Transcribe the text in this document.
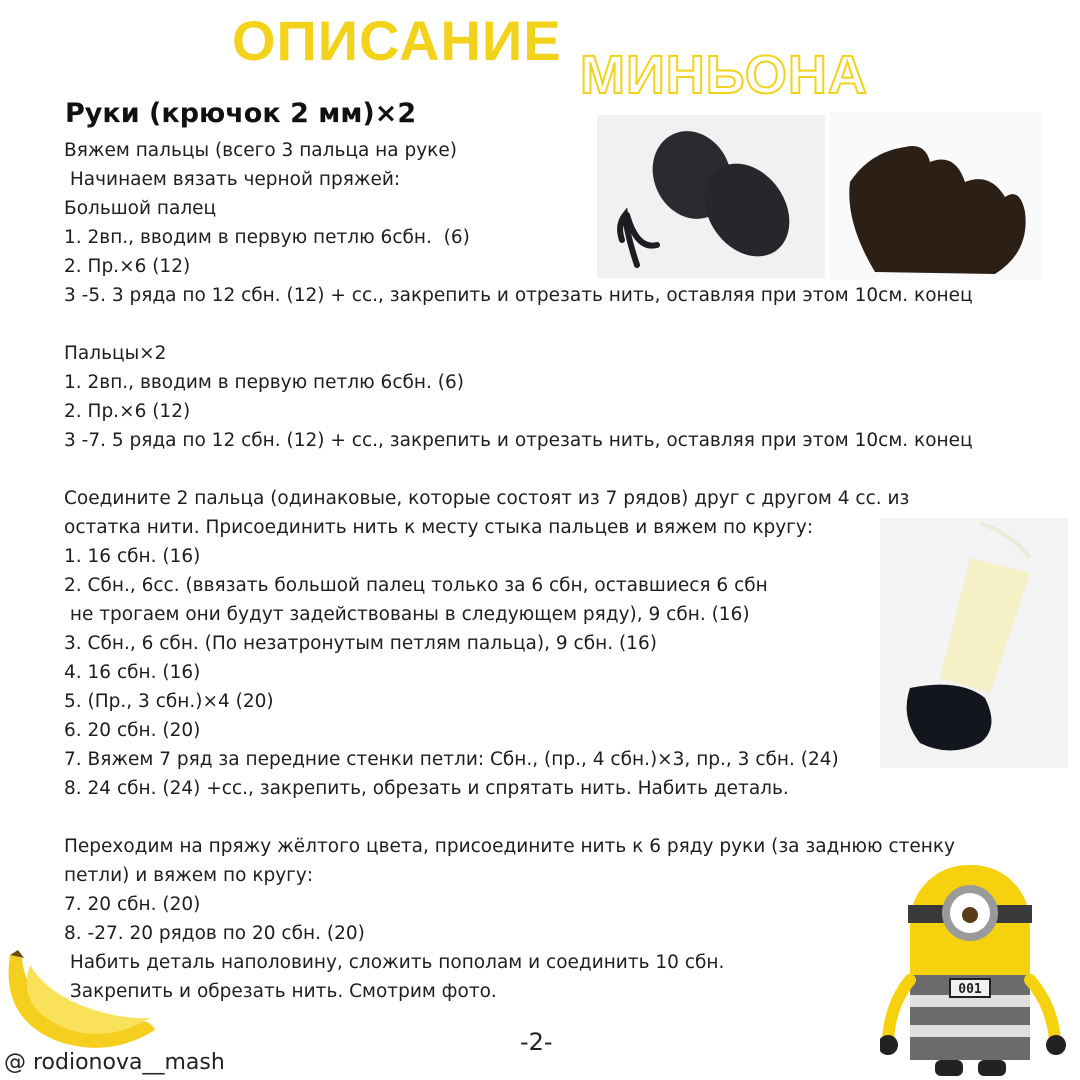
ОПИСАНИЕ
МИНЬОНА
Руки (крючок 2 мм)×2
Вяжем пальцы (всего 3 пальца на руке)
Начинаем вязать черной пряжей:
Большой палец
1. 2вп., вводим в первую петлю 6сбн.  (6)
2. Пр.×6 (12)
3 -5. 3 ряда по 12 сбн. (12) + сс., закрепить и отрезать нить, оставляя при этом 10см. конец
Пальцы×2
1. 2вп., вводим в первую петлю 6сбн. (6)
2. Пр.×6 (12)
3 -7. 5 ряда по 12 сбн. (12) + сс., закрепить и отрезать нить, оставляя при этом 10см. конец
Соедините 2 пальца (одинаковые, которые состоят из 7 рядов) друг с другом 4 сс. из
остатка нити. Присоединить нить к месту стыка пальцев и вяжем по кругу:
1. 16 сбн. (16)
2. Сбн., 6сс. (ввязать большой палец только за 6 сбн, оставшиеся 6 сбн
не трогаем они будут задействованы в следующем ряду), 9 сбн. (16)
3. Сбн., 6 сбн. (По незатронутым петлям пальца), 9 сбн. (16)
4. 16 сбн. (16)
5. (Пр., 3 сбн.)×4 (20)
6. 20 сбн. (20)
7. Вяжем 7 ряд за передние стенки петли: Сбн., (пр., 4 сбн.)×3, пр., 3 сбн. (24)
8. 24 сбн. (24) +сс., закрепить, обрезать и спрятать нить. Набить деталь.
Переходим на пряжу жёлтого цвета, присоедините нить к 6 ряду руки (за заднюю стенку
петли) и вяжем по кругу:
7. 20 сбн. (20)
8. -27. 20 рядов по 20 сбн. (20)
Набить деталь наполовину, сложить пополам и соединить 10 сбн.
Закрепить и обрезать нить. Смотрим фото.	001
-2-
@ rodionova__mash
